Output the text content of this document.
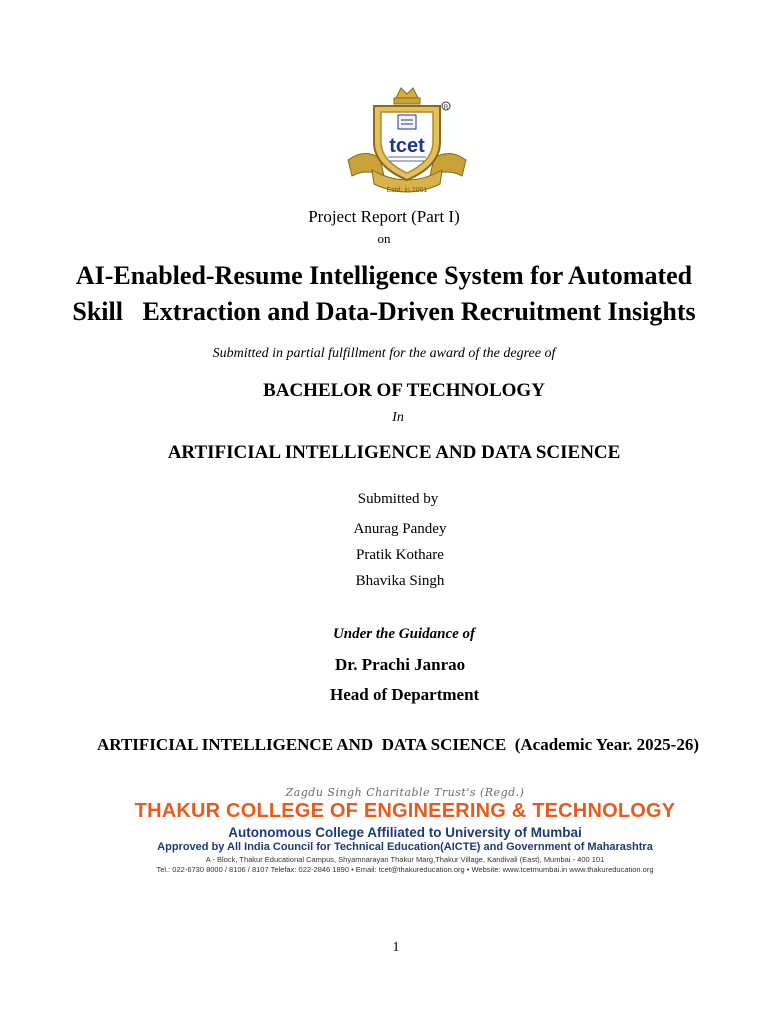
tcet
R
Estd. in 2001
Project Report (Part I)
on
AI-Enabled-Resume Intelligence System for Automated
Skill   Extraction and Data-Driven Recruitment Insights
Submitted in partial fulfillment for the award of the degree of
BACHELOR OF TECHNOLOGY
In
ARTIFICIAL INTELLIGENCE AND DATA SCIENCE
Submitted by
Anurag Pandey
Pratik Kothare
Bhavika Singh
Under the Guidance of
Dr. Prachi Janrao
Head of Department
ARTIFICIAL INTELLIGENCE AND  DATA SCIENCE  (Academic Year. 2025-26)
Zagdu Singh Charitable Trust's (Regd.)
THAKUR COLLEGE OF ENGINEERING & TECHNOLOGY
Autonomous College Affiliated to University of Mumbai
Approved by All India Council for Technical Education(AICTE) and Government of Maharashtra
A - Block, Thakur Educational Campus, Shyamnarayan Thakur Marg,Thakur Village, Kandivali (East), Mumbai - 400 101
Tel.: 022-6730 8000 / 8106 / 8107 Telefax: 022-2846 1890 • Email: tcet@thakureducation.org • Website: www.tcetmumbai.in www.thakureducation.org
1
